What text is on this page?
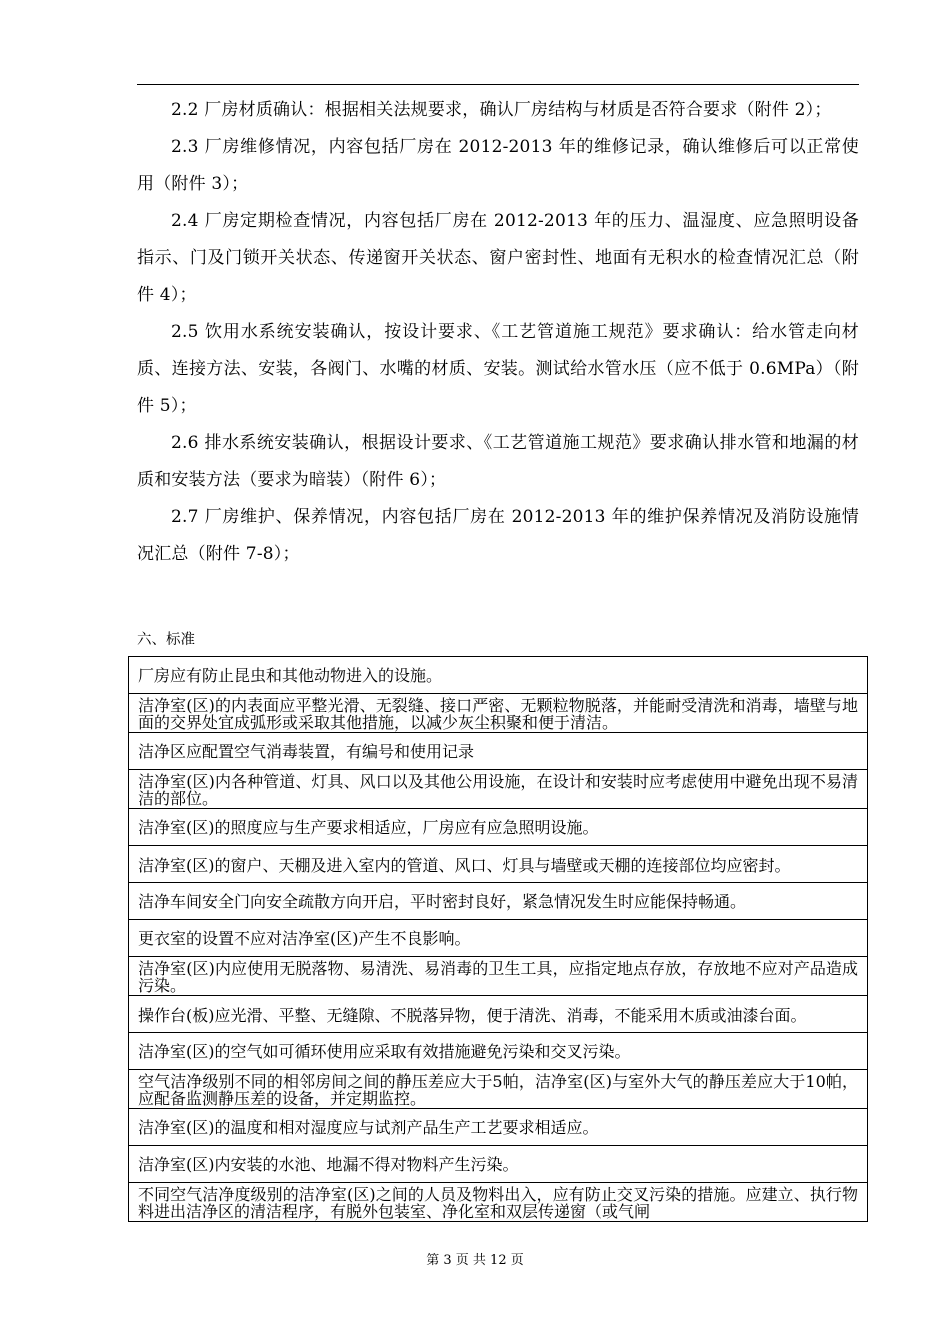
2.2 厂房材质确认：根据相关法规要求，确认厂房结构与材质是否符合要求（附件 2）；

2.3 厂房维修情况，内容包括厂房在 2012-2013 年的维修记录，确认维修后可以正常使用（附件 3）；

2.4 厂房定期检查情况，内容包括厂房在 2012-2013 年的压力、温湿度、应急照明设备指示、门及门锁开关状态、传递窗开关状态、窗户密封性、地面有无积水的检查情况汇总（附件 4）；

2.5 饮用水系统安装确认，按设计要求、《工艺管道施工规范》要求确认：给水管走向材质、连接方法、安装，各阀门、水嘴的材质、安装。测试给水管水压（应不低于 0.6MPa）（附件 5）；

2.6 排水系统安装确认，根据设计要求、《工艺管道施工规范》要求确认排水管和地漏的材质和安装方法（要求为暗装）（附件 6）；

2.7 厂房维护、保养情况，内容包括厂房在 2012-2013 年的维护保养情况及消防设施情况汇总（附件 7-8）；

六、标准
厂房应有防止昆虫和其他动物进入的设施。
洁净室(区)的内表面应平整光滑、无裂缝、接口严密、无颗粒物脱落，并能耐受清洗和消毒，墙壁与地面的交界处宜成弧形或采取其他措施，以减少灰尘积聚和便于清洁。
洁净区应配置空气消毒装置，有编号和使用记录
洁净室(区)内各种管道、灯具、风口以及其他公用设施，在设计和安装时应考虑使用中避免出现不易清洁的部位。
洁净室(区)的照度应与生产要求相适应，厂房应有应急照明设施。
洁净室(区)的窗户、天棚及进入室内的管道、风口、灯具与墙壁或天棚的连接部位均应密封。
洁净车间安全门向安全疏散方向开启，平时密封良好，紧急情况发生时应能保持畅通。
更衣室的设置不应对洁净室(区)产生不良影响。
洁净室(区)内应使用无脱落物、易清洗、易消毒的卫生工具，应指定地点存放，存放地不应对产品造成污染。
操作台(板)应光滑、平整、无缝隙、不脱落异物，便于清洗、消毒，不能采用木质或油漆台面。
洁净室(区)的空气如可循环使用应采取有效措施避免污染和交叉污染。
空气洁净级别不同的相邻房间之间的静压差应大于5帕，洁净室(区)与室外大气的静压差应大于10帕，应配备监测静压差的设备，并定期监控。
洁净室(区)的温度和相对湿度应与试剂产品生产工艺要求相适应。
洁净室(区)内安装的水池、地漏不得对物料产生污染。
不同空气洁净度级别的洁净室(区)之间的人员及物料出入，应有防止交叉污染的措施。应建立、执行物料进出洁净区的清洁程序，有脱外包装室、净化室和双层传递窗（或气闸
第 3 页 共 12 页
